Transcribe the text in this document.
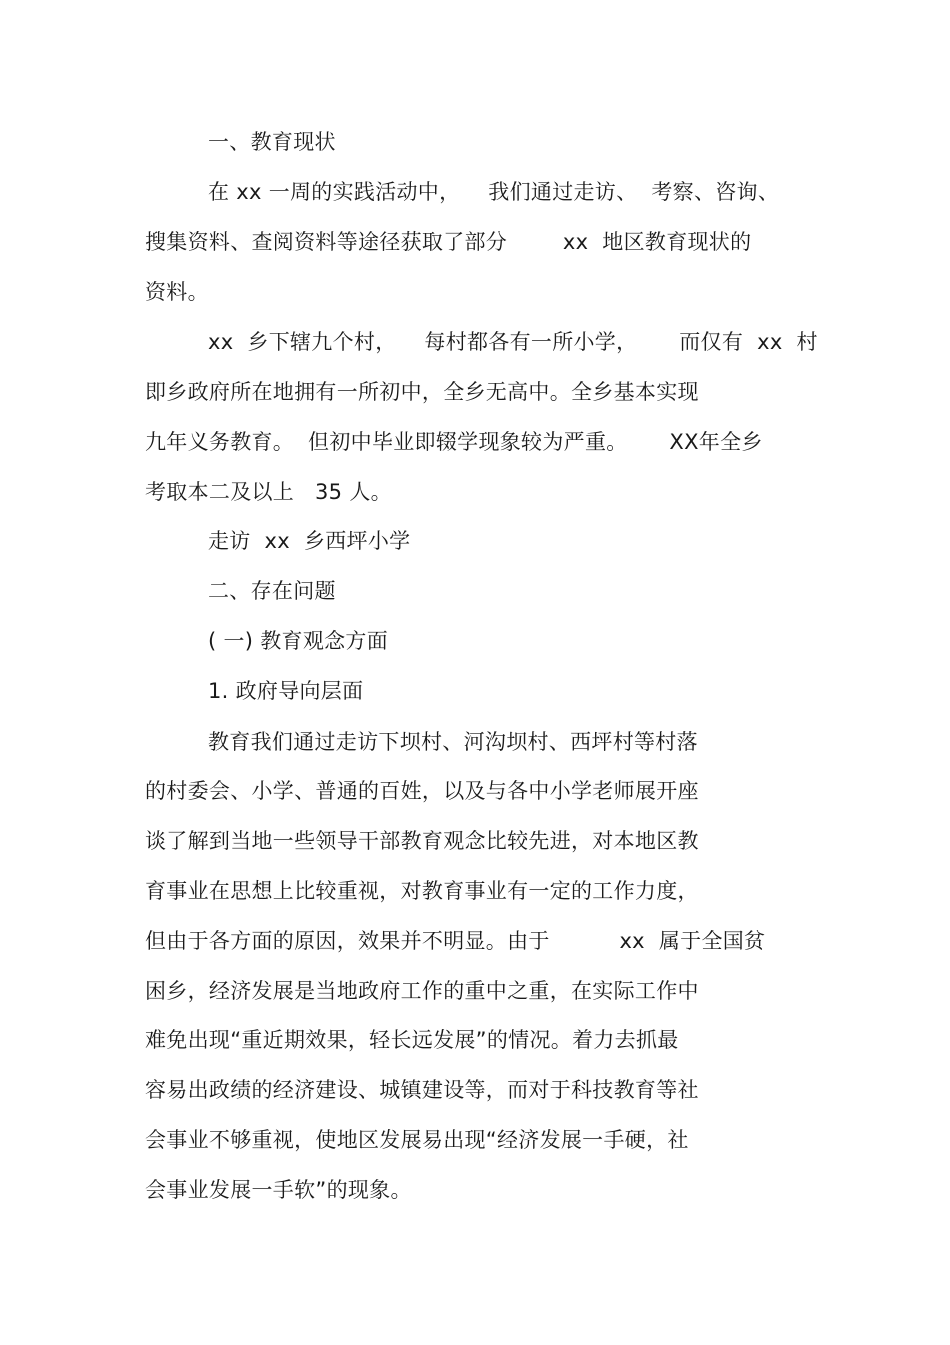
一、教育现状
在 xx 一周的实践活动中，    我们通过走访、  考察、咨询、
搜集资料、查阅资料等途径获取了部分        xx  地区教育现状的
资料。
xx  乡下辖九个村，    每村都各有一所小学，      而仅有  xx  村
即乡政府所在地拥有一所初中，全乡无高中。全乡基本实现
九年义务教育。  但初中毕业即辍学现象较为严重。      XX年全乡
考取本二及以上   35 人。
走访  xx  乡西坪小学
二、存在问题
( 一) 教育观念方面
1. 政府导向层面
教育我们通过走访下坝村、河沟坝村、西坪村等村落
的村委会、小学、普通的百姓，以及与各中小学老师展开座
谈了解到当地一些领导干部教育观念比较先进，对本地区教
育事业在思想上比较重视，对教育事业有一定的工作力度，
但由于各方面的原因，效果并不明显。由于          xx  属于全国贫
困乡，经济发展是当地政府工作的重中之重，在实际工作中
难免出现“重近期效果，轻长远发展”的情况。着力去抓最
容易出政绩的经济建设、城镇建设等，而对于科技教育等社
会事业不够重视，使地区发展易出现“经济发展一手硬，社
会事业发展一手软”的现象。
